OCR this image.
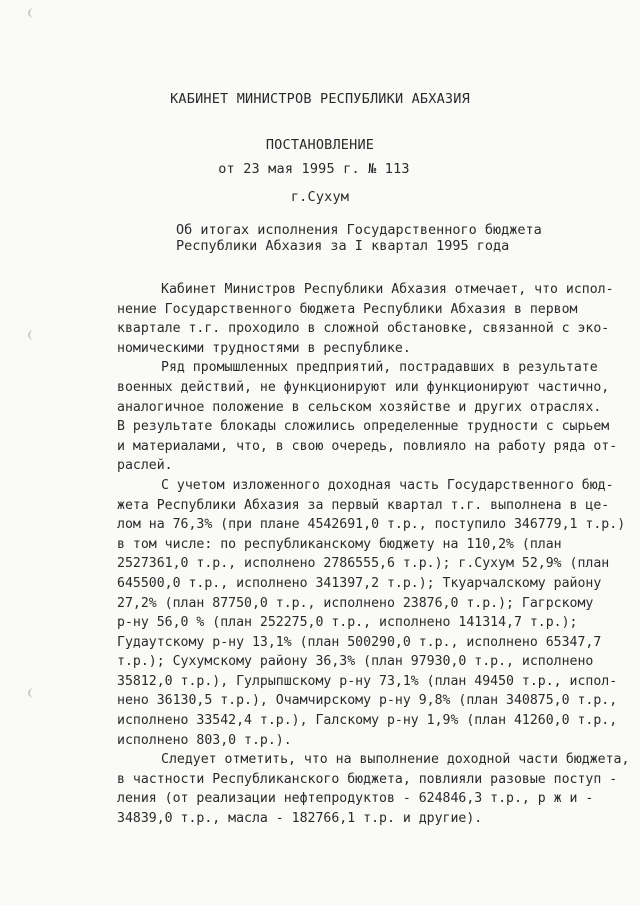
КАБИНЕТ МИНИСТРОВ РЕСПУБЛИКИ АБХАЗИЯ
ПОСТАНОВЛЕНИЕ
от 23 мая 1995 г. № 113
г.Сухум
Об итогах исполнения Государственного бюджета
Республики Абхазия за I квартал 1995 года
Кабинет Министров Республики Абхазия отмечает, что испол-
нение Государственного бюджета Республики Абхазия в первом
квартале т.г. проходило в сложной обстановке, связанной с эко-
номическими трудностями в республике.
Ряд промышленных предприятий, пострадавших в результате
военных действий, не функционируют или функционируют частично,
аналогичное положение в сельском хозяйстве и других отраслях.
В результате блокады сложились определенные трудности с сырьем
и материалами, что, в свою очередь, повлияло на работу ряда от-
раслей.
С учетом изложенного доходная часть Государственного бюд-
жета Республики Абхазия за первый квартал т.г. выполнена в це-
лом на 76,3% (при плане 4542691,0 т.р., поступило 346779,1 т.р.)
в том числе: по республиканскому бюджету на 110,2% (план
2527361,0 т.р., исполнено 2786555,6 т.р.); г.Сухум 52,9% (план
645500,0 т.р., исполнено 341397,2 т.р.); Ткуарчалскому району
27,2% (план 87750,0 т.р., исполнено 23876,0 т.р.); Гагрскому
р-ну 56,0 % (план 252275,0 т.р., исполнено 141314,7 т.р.);
Гудаутскому р-ну 13,1% (план 500290,0 т.р., исполнено 65347,7
т.р.); Сухумскому району 36,3% (план 97930,0 т.р., исполнено
35812,0 т.р.), Гулрыпшскому р-ну 73,1% (план 49450 т.р., испол-
нено 36130,5 т.р.), Очамчирскому р-ну 9,8% (план 340875,0 т.р.,
исполнено 33542,4 т.р.), Галскому р-ну 1,9% (план 41260,0 т.р.,
исполнено 803,0 т.р.).
Следует отметить, что на выполнение доходной части бюджета,
в частности Республиканского бюджета, повлияли разовые поступ -
ления (от реализации нефтепродуктов - 624846,3 т.р., р ж и -
34839,0 т.р., масла - 182766,1 т.р. и другие).
